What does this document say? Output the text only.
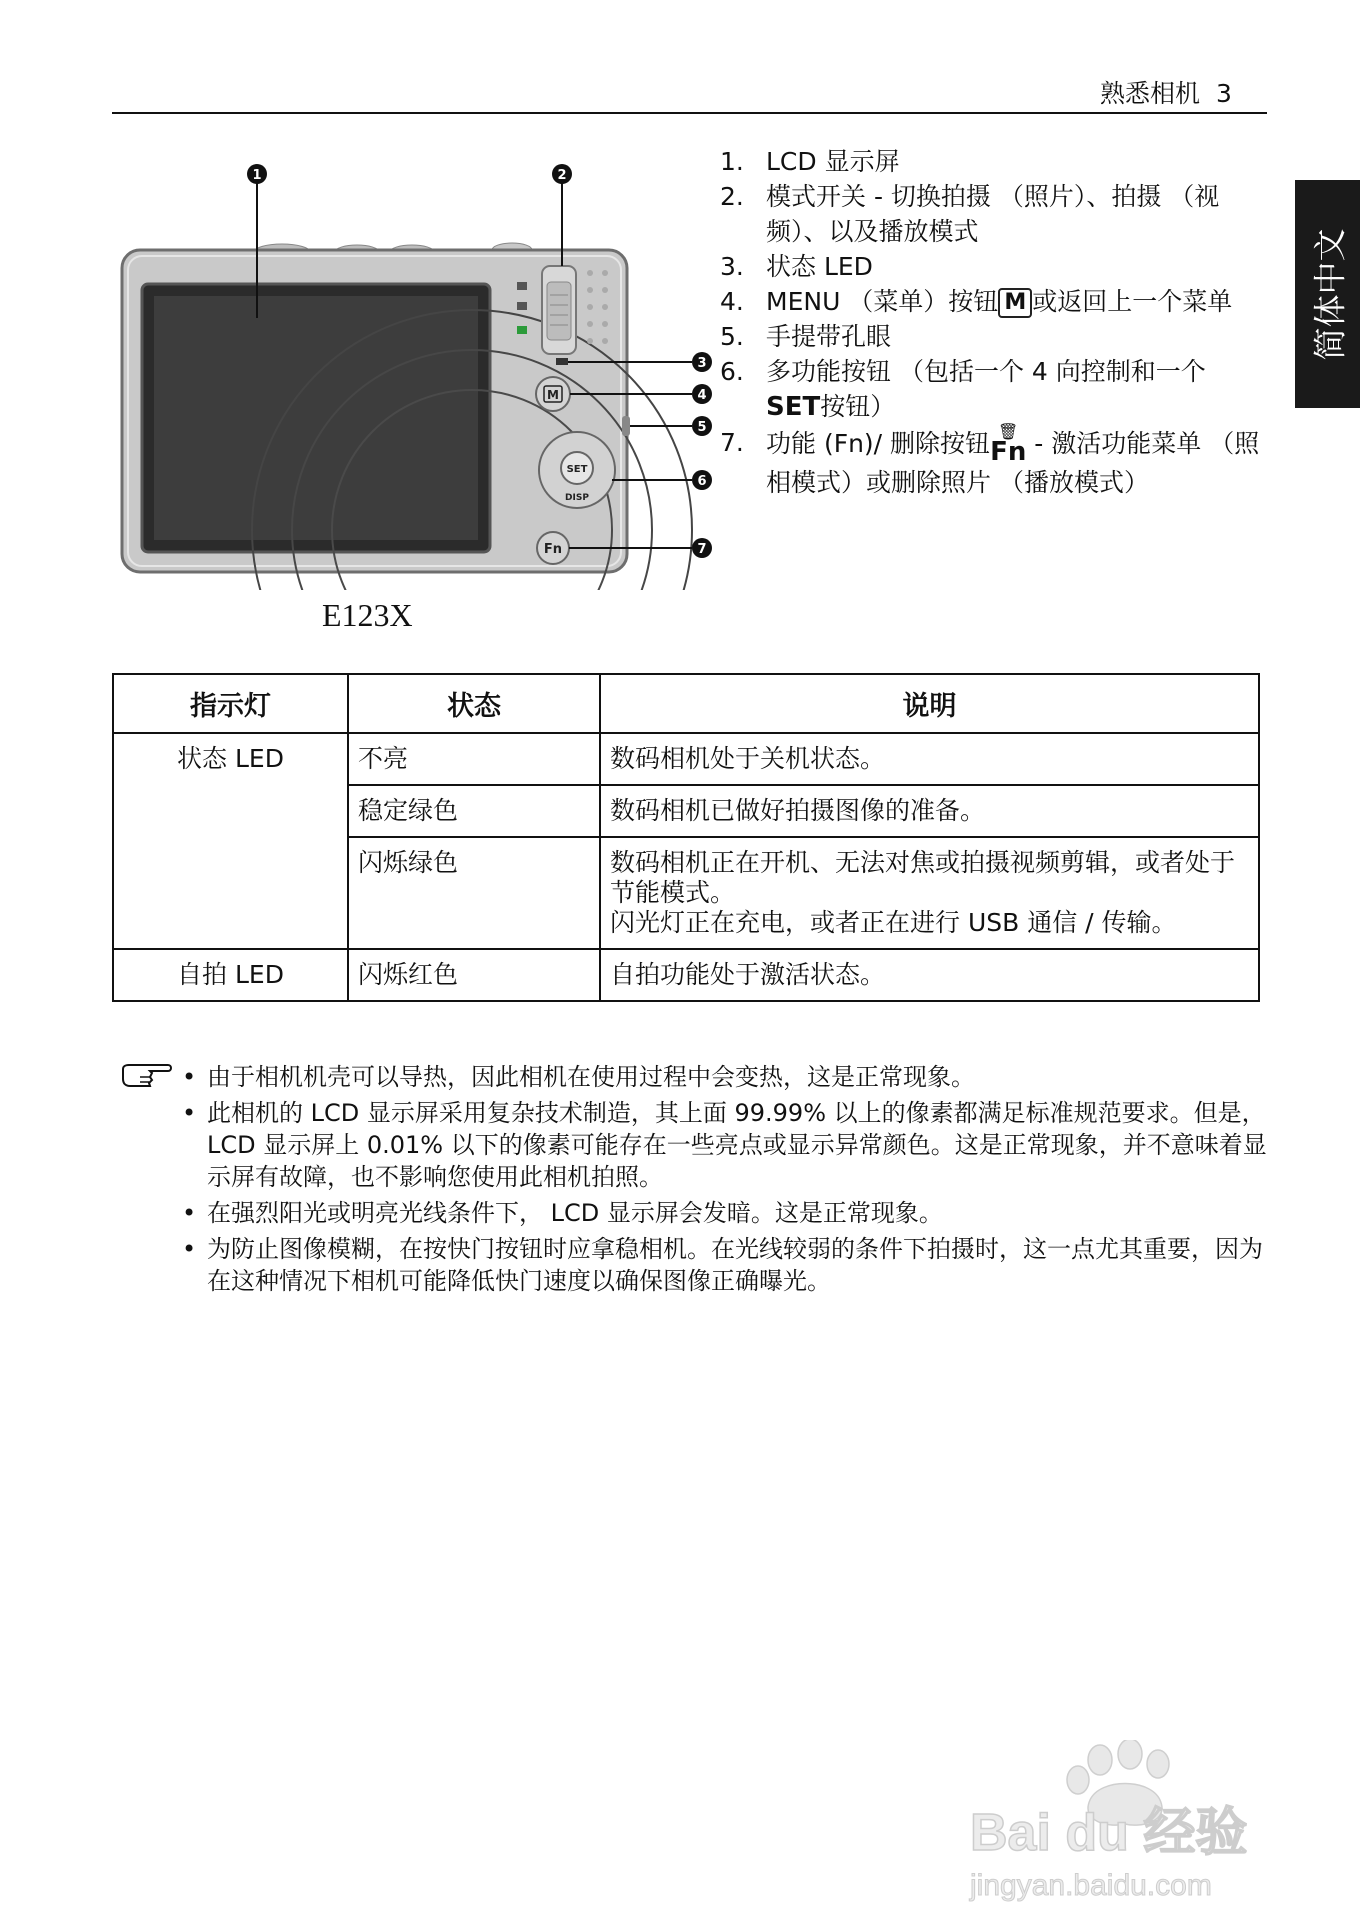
熟悉相机 3
简体中文
M
SET
DISP
Fn
1	2
3
4
5
6
7
E123X
1. LCD 显示屏
2. 模式开关 - 切换拍摄 （照片）、拍摄 （视频）、以及播放模式
3. 状态 LED
4. MENU （菜单）按钮 M 或返回上一个菜单
5. 手提带孔眼
6. 多功能按钮 （包括一个 4 向控制和一个 SET按钮）
7. 功能 (Fn)/ 删除按钮 🗑
Fn - 激活功能菜单 （照相模式）或删除照片 （播放模式）
指示灯	状态	说明
状态 LED	不亮	数码相机处于关机状态。
	稳定绿色	数码相机已做好拍摄图像的准备。
	闪烁绿色	数码相机正在开机、无法对焦或拍摄视频剪辑，或者处于节能模式。
闪光灯正在充电，或者正在进行 USB 通信 / 传输。

自拍 LED	闪烁红色	自拍功能处于激活状态。
• 由于相机机壳可以导热，因此相机在使用过程中会变热，这是正常现象。
• 此相机的 LCD 显示屏采用复杂技术制造，其上面 99.99% 以上的像素都满足标准规范要求。但是， LCD 显示屏上 0.01% 以下的像素可能存在一些亮点或显示异常颜色。这是正常现象，并不意味着显示屏有故障，也不影响您使用此相机拍照。
• 在强烈阳光或明亮光线条件下， LCD 显示屏会发暗。这是正常现象。
• 为防止图像模糊，在按快门按钮时应拿稳相机。在光线较弱的条件下拍摄时，这一点尤其重要，因为在这种情况下相机可能降低快门速度以确保图像正确曝光。
Bai du 经验
jingyan.baidu.com
